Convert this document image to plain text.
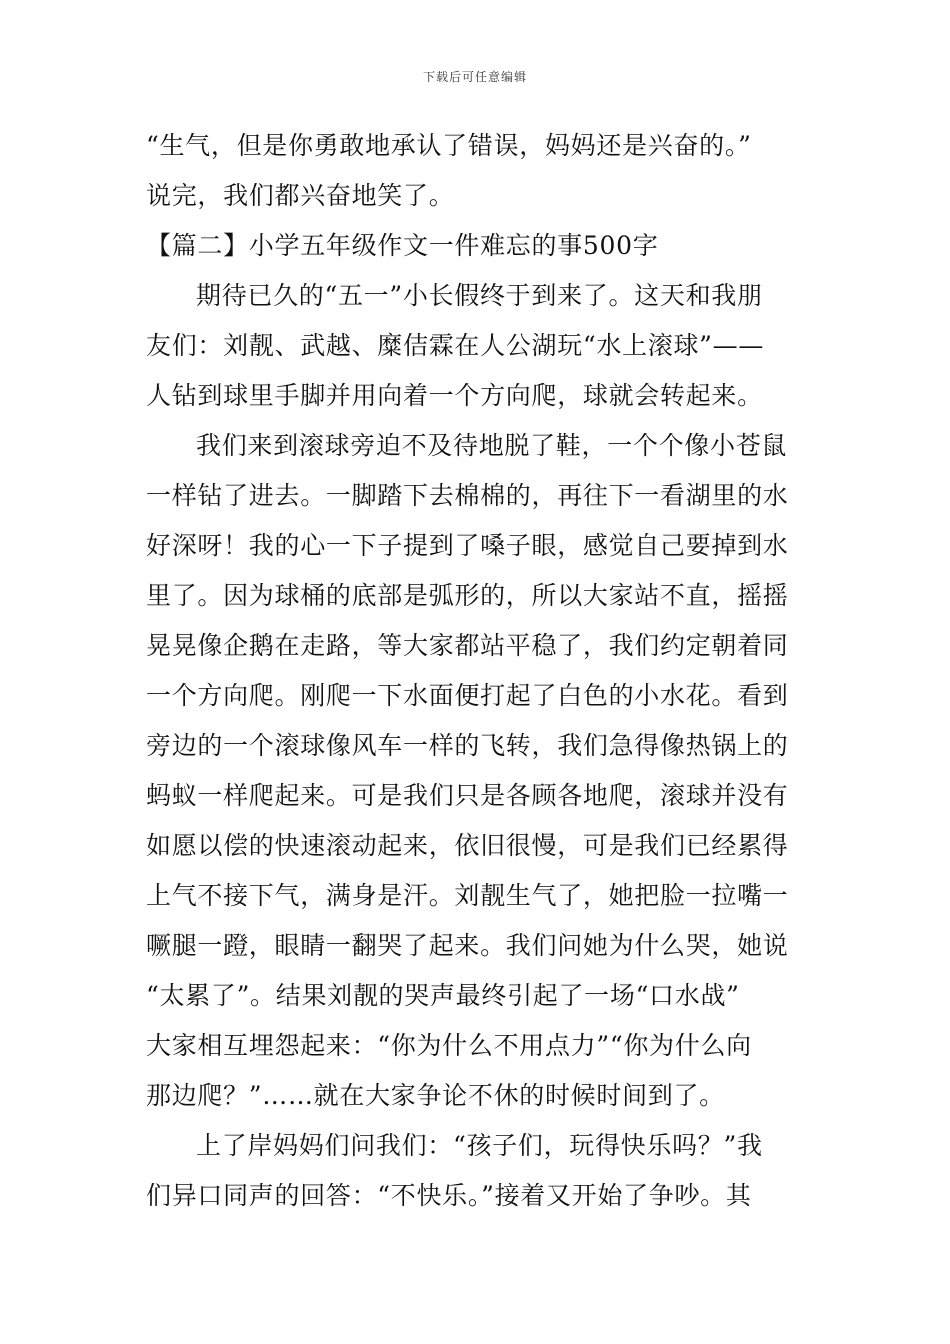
下载后可任意编辑
“生气，但是你勇敢地承认了错误，妈妈还是兴奋的。”
说完，我们都兴奋地笑了。
【篇二】小学五年级作文一件难忘的事500字
期待已久的“五一”小长假终于到来了。这天和我朋
友们：刘靓、武越、糜佶霖在人公湖玩“水上滚球”——
人钻到球里手脚并用向着一个方向爬，球就会转起来。
我们来到滚球旁迫不及待地脱了鞋，一个个像小苍鼠
一样钻了进去。一脚踏下去棉棉的，再往下一看湖里的水
好深呀！我的心一下子提到了嗓子眼，感觉自己要掉到水
里了。因为球桶的底部是弧形的，所以大家站不直，摇摇
晃晃像企鹅在走路，等大家都站平稳了，我们约定朝着同
一个方向爬。刚爬一下水面便打起了白色的小水花。看到
旁边的一个滚球像风车一样的飞转，我们急得像热锅上的
蚂蚁一样爬起来。可是我们只是各顾各地爬，滚球并没有
如愿以偿的快速滚动起来，依旧很慢，可是我们已经累得
上气不接下气，满身是汗。刘靓生气了，她把脸一拉嘴一
噘腿一蹬，眼睛一翻哭了起来。我们问她为什么哭，她说
“太累了”。结果刘靓的哭声最终引起了一场“口水战”
大家相互埋怨起来：“你为什么不用点力”“你为什么向
那边爬？”……就在大家争论不休的时候时间到了。
上了岸妈妈们问我们：“孩子们，玩得快乐吗？”我
们异口同声的回答：“不快乐。”接着又开始了争吵。其
